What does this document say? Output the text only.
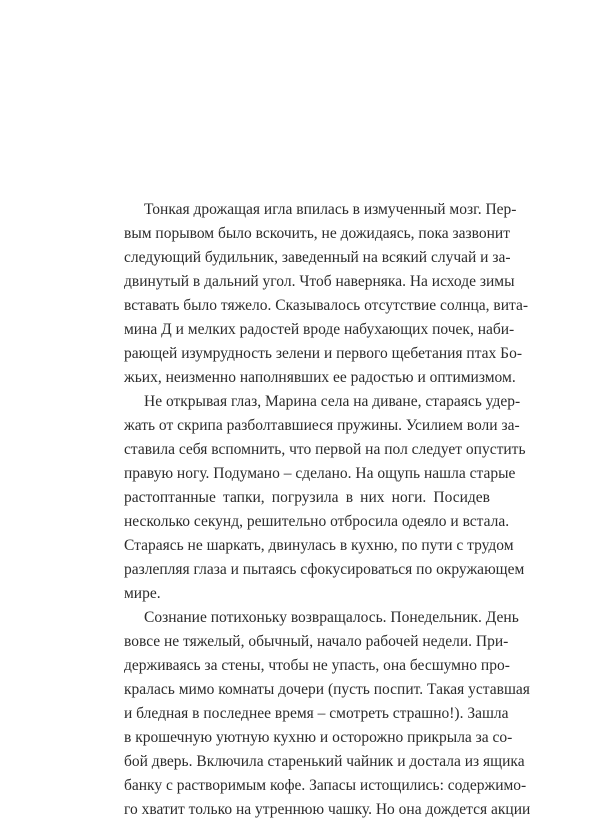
Тонкая дрожащая игла впилась в измученный мозг. Пер-
вым порывом было вскочить, не дожидаясь, пока зазвонит
следующий будильник, заведенный на всякий случай и за-
двинутый в дальний угол. Чтоб наверняка. На исходе зимы
вставать было тяжело. Сказывалось отсутствие солнца, вита-
мина Д и мелких радостей вроде набухающих почек, наби-
рающей изумрудность зелени и первого щебетания птах Бо-
жьих, неизменно наполнявших ее радостью и оптимизмом.
Не открывая глаз, Марина села на диване, стараясь удер-
жать от скрипа разболтавшиеся пружины. Усилием воли за-
ставила себя вспомнить, что первой на пол следует опустить
правую ногу. Подумано – сделано. На ощупь нашла старые
растоптанные тапки, погрузила в них ноги. Посидев
несколько секунд, решительно отбросила одеяло и встала.
Стараясь не шаркать, двинулась в кухню, по пути с трудом
разлепляя глаза и пытаясь сфокусироваться по окружающем
мире.
Сознание потихоньку возвращалось. Понедельник. День
вовсе не тяжелый, обычный, начало рабочей недели. При-
держиваясь за стены, чтобы не упасть, она бесшумно про-
кралась мимо комнаты дочери (пусть поспит. Такая уставшая
и бледная в последнее время – смотреть страшно!). Зашла
в крошечную уютную кухню и осторожно прикрыла за со-
бой дверь. Включила старенький чайник и достала из ящика
банку с растворимым кофе. Запасы истощились: содержимо-
го хватит только на утреннюю чашку. Но она дождется акции
